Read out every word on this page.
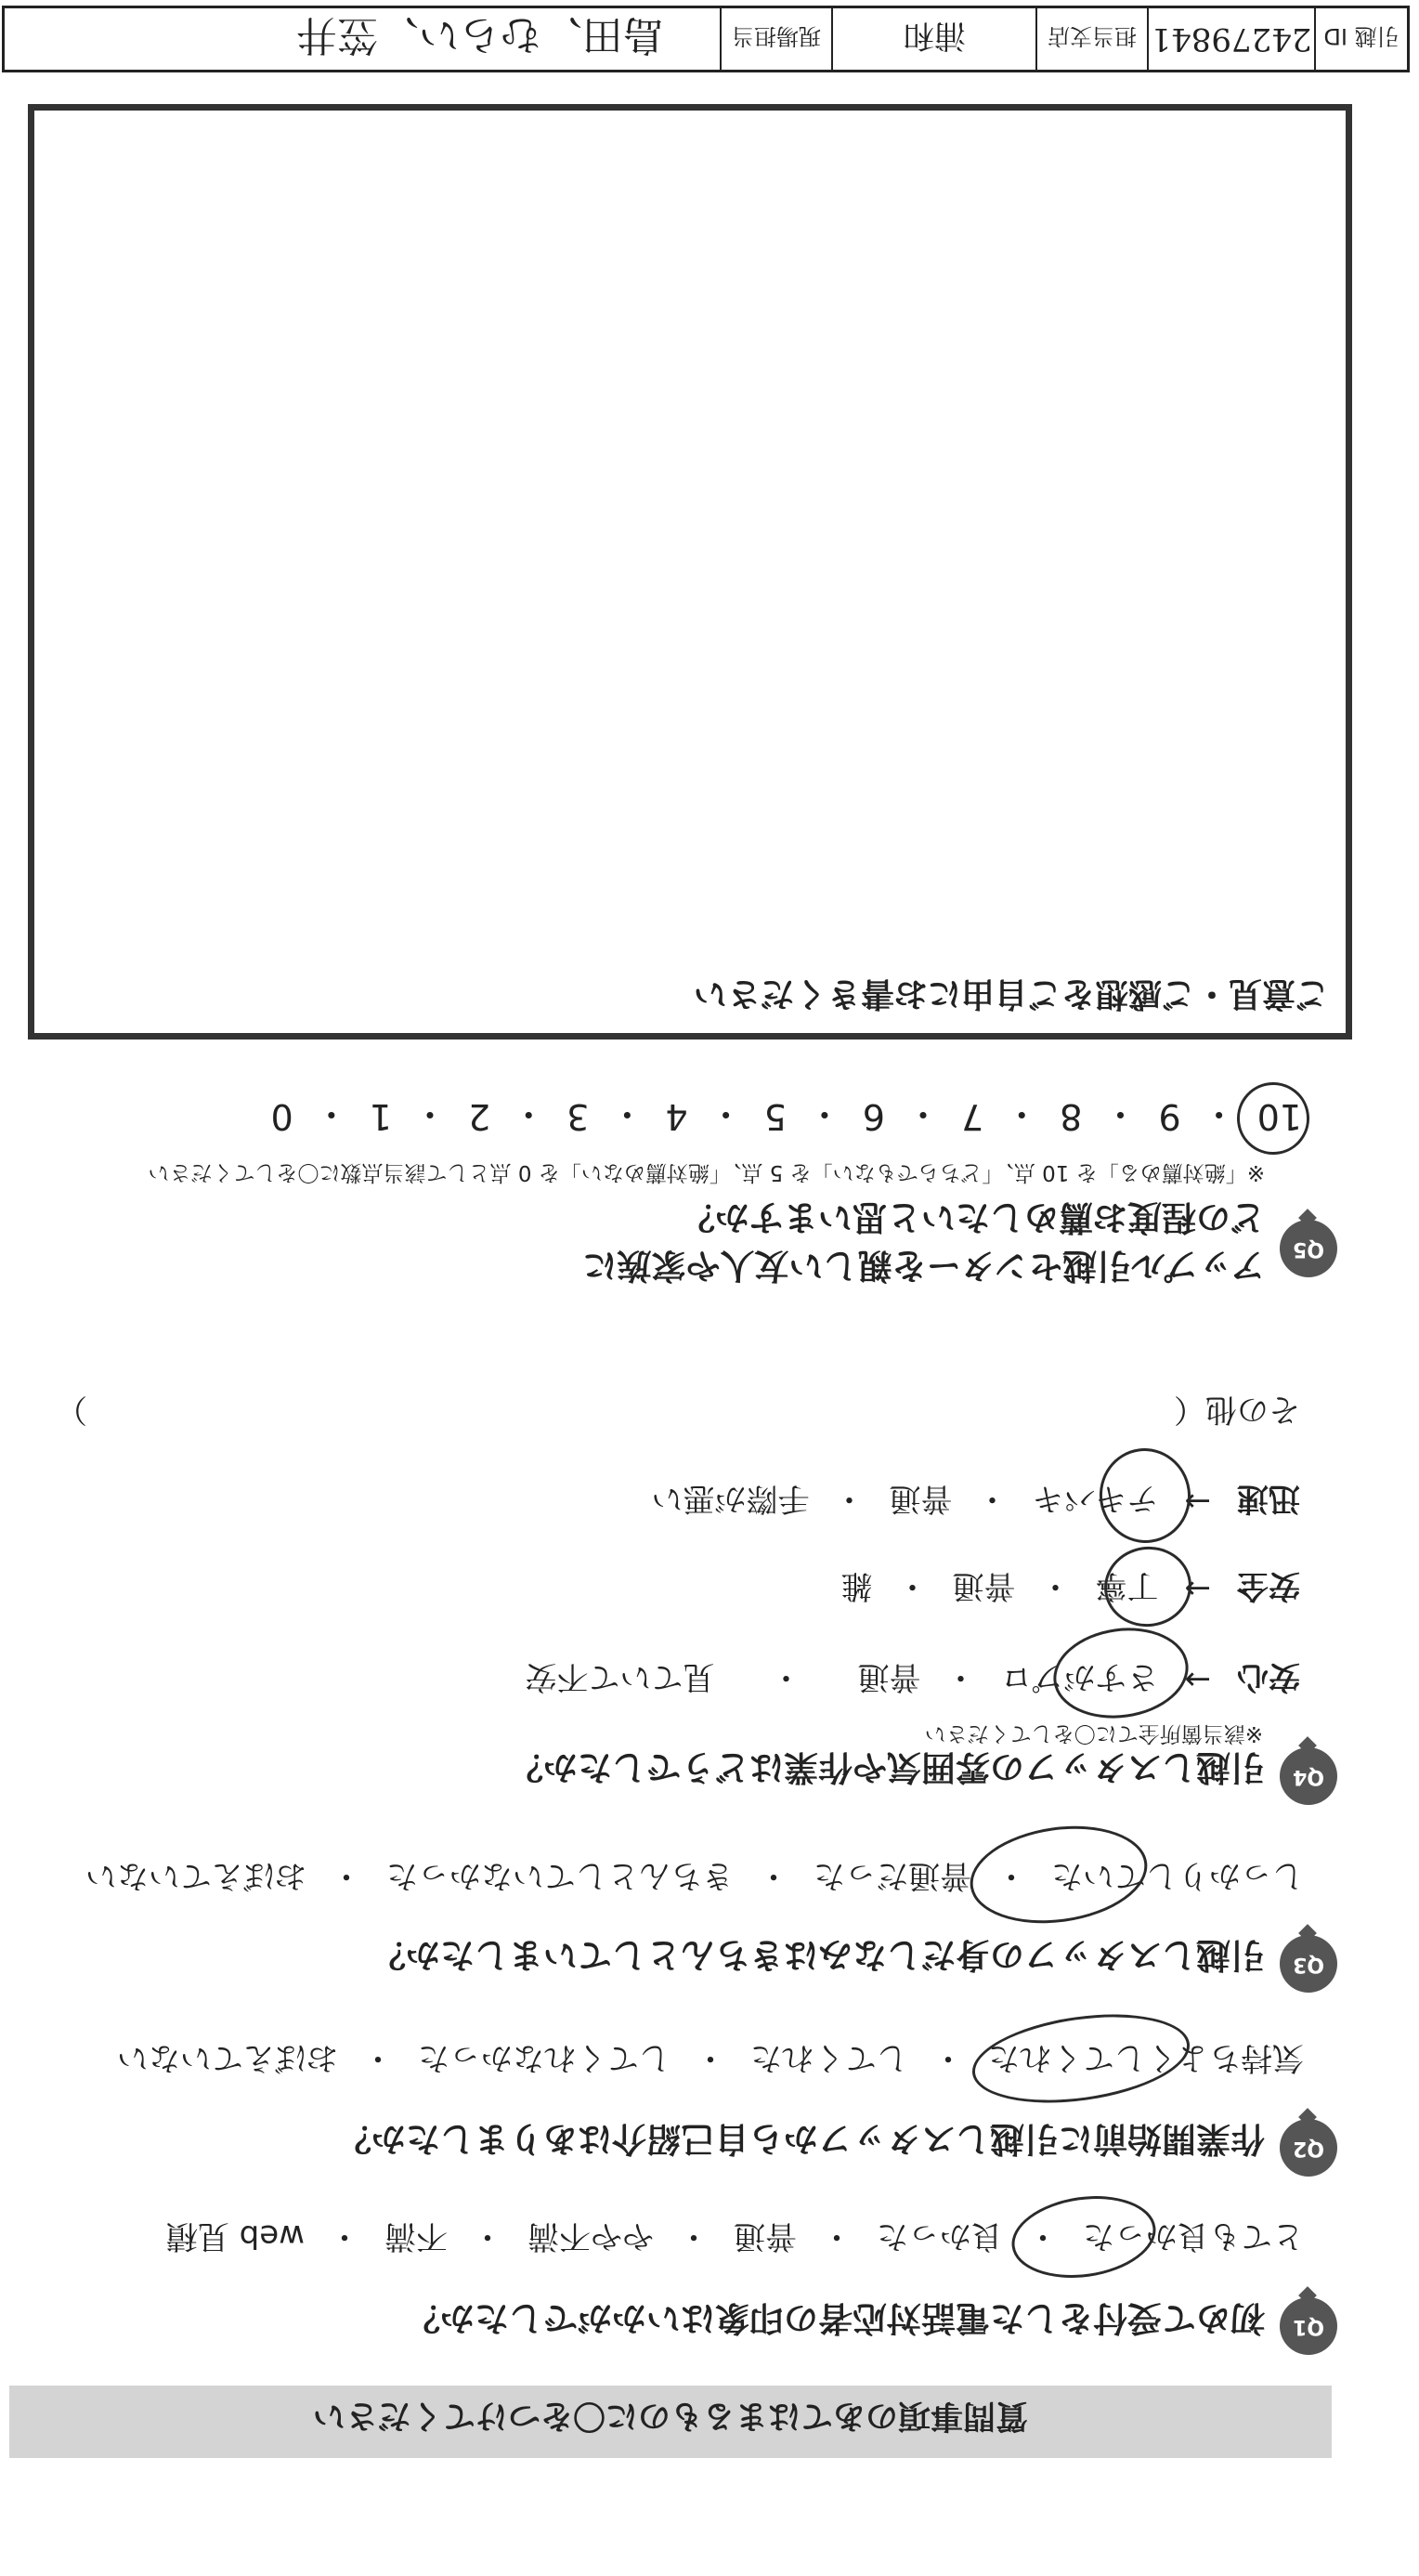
質問事項のあてはまるものに〇をつけてください
Q1
初めて受付をした電話対応者の印象はいかがでしたか？
とても良かった
・
良かった
・
普通
・
やや不満
・
不満
・
web 見積
Q2
作業開始前に引越しスタッフから自己紹介はありましたか？
気持ちよくしてくれた
・
してくれた
・
してくれなかった
・
おぼえていない
Q3
引越しスタッフの身だしなみはきちんとしていましたか？
しっかりしていた
・
普通だった
・
きちんとしていなかった
・
おぼえていない
Q4
引越しスタッフの雰囲気や作業はどうでしたか？
※該当箇所全てに〇をしてください
安心
→
さすがプロ
・
普通
・
見ていて不安
安全
→
丁寧
・
普通
・
雑
迅速
→
テキパキ
・
普通
・
手際が悪い
その他（
）
Q5
アップル引越センターを親しい友人や家族に
どの程度お薦めしたいと思いますか？
※「絶対薦める」を 10 点、「どちらでもない」を 5 点、「絶対薦めない」を 0 点として該当点数に〇をしてください
10
・
9
・
8
・
7
・
6
・
5
・
4
・
3
・
2
・
1
・
0
ご意見・ご感想をご自由にお書きください
引越 ID
24279841
担当支店
浦和
現場担当
島田、むらい、笠井
